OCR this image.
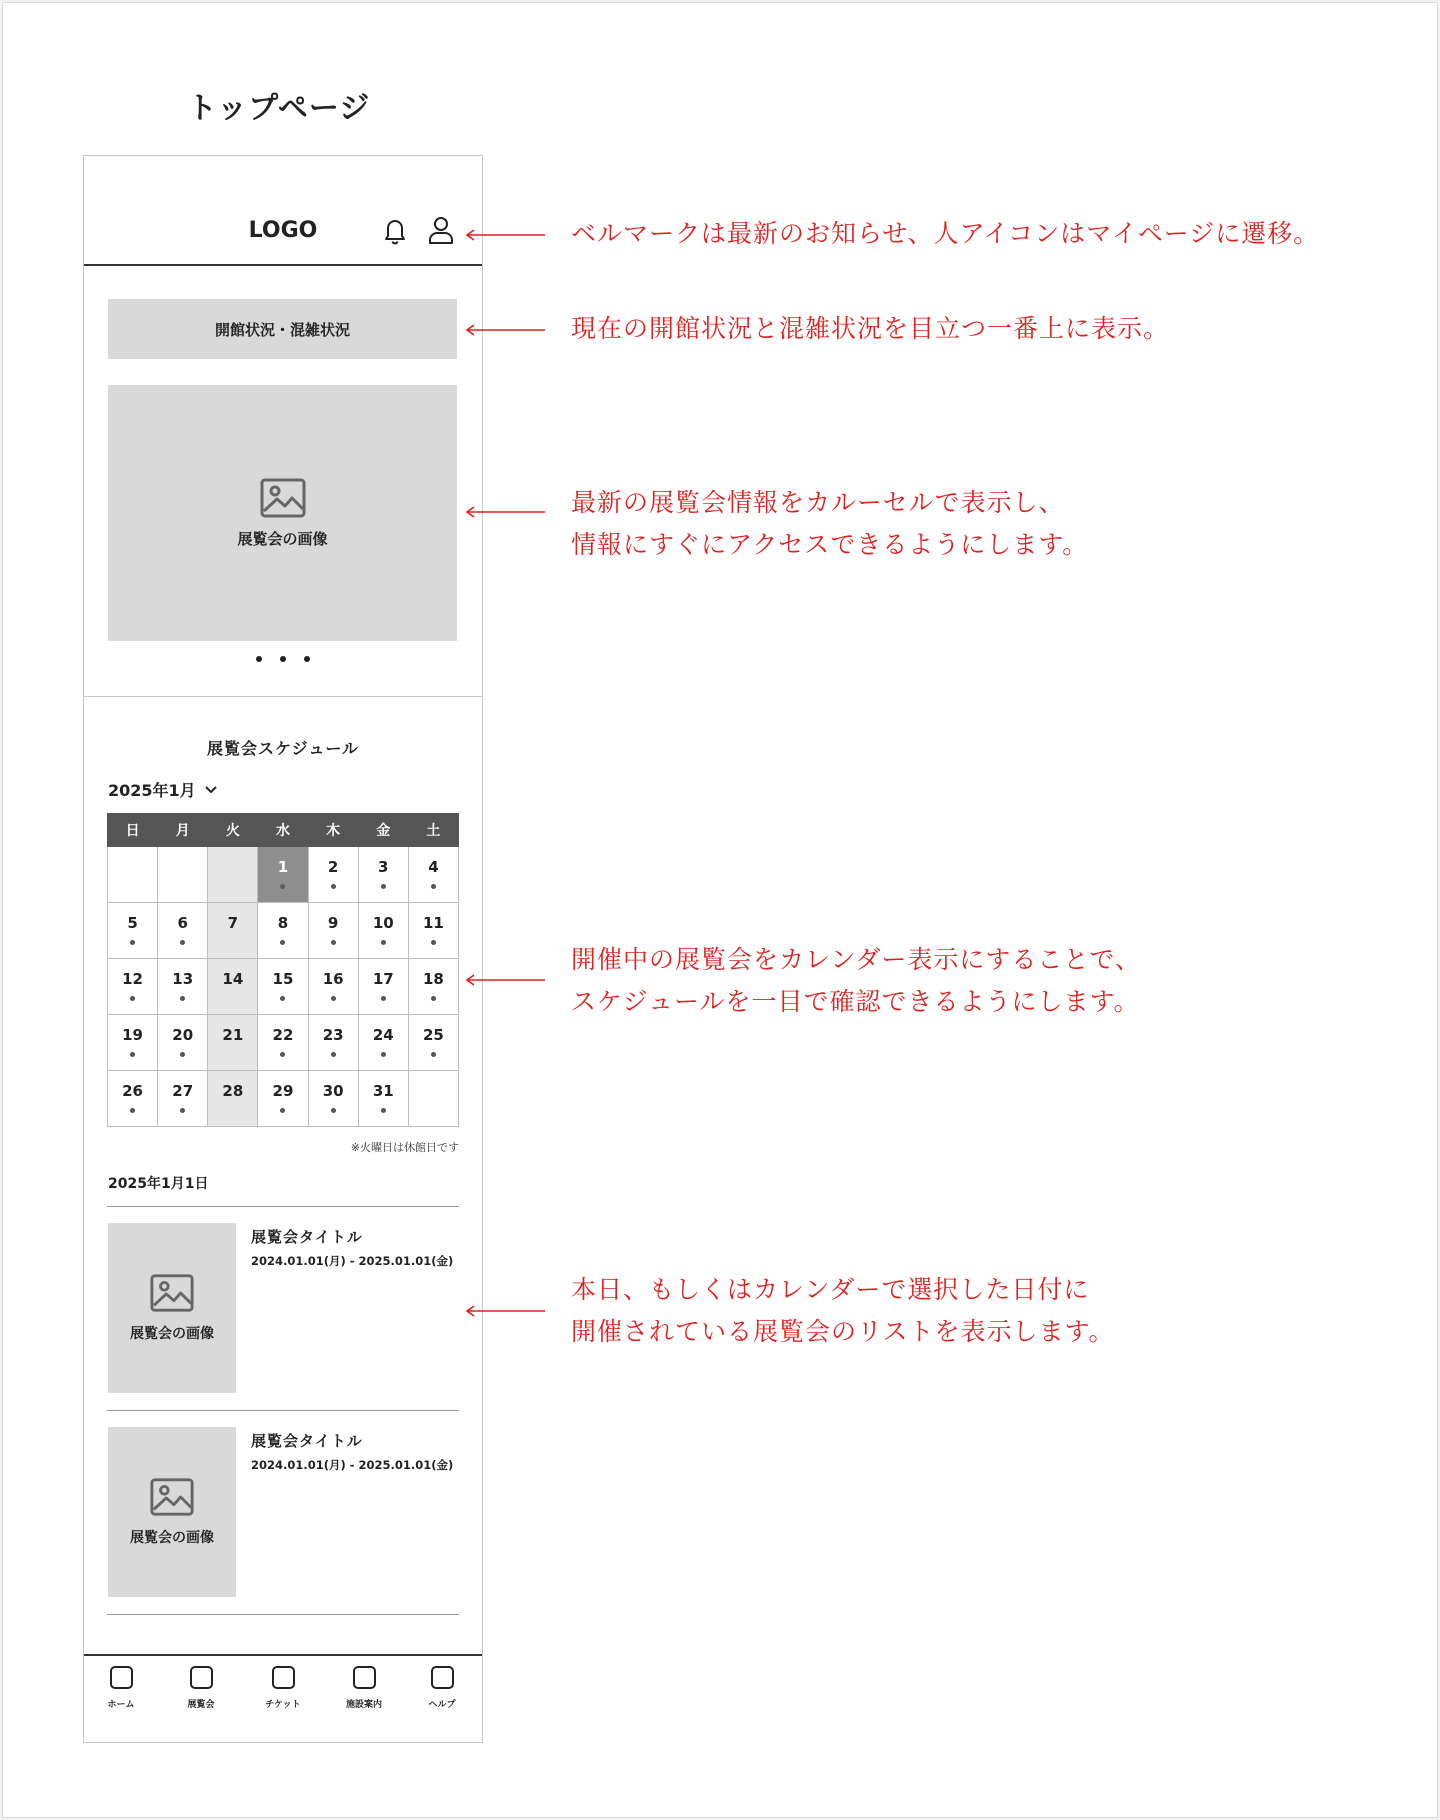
トップページ
LOGO
開館状況・混雑状況
展覧会の画像
展覧会スケジュール
2025年1月
日	月	火	水	木	金	土

			1	2	3	4

5	6	7	8	9	10	11

12	13	14	15	16	17	18

19	20	21	22	23	24	25

26	27	28	29	30	31	

※火曜日は休館日です
2025年1月1日
展覧会の画像
展覧会タイトル
2024.01.01(月) - 2025.01.01(金)
展覧会の画像
展覧会タイトル
2024.01.01(月) - 2025.01.01(金)
ホーム	展覧会	チケット	施設案内	ヘルプ
ベルマークは最新のお知らせ、人アイコンはマイページに遷移。
現在の開館状況と混雑状況を目立つ一番上に表示。
最新の展覧会情報をカルーセルで表示し、
情報にすぐにアクセスできるようにします。
開催中の展覧会をカレンダー表示にすることで、
スケジュールを一目で確認できるようにします。
本日、もしくはカレンダーで選択した日付に
開催されている展覧会のリストを表示します。
